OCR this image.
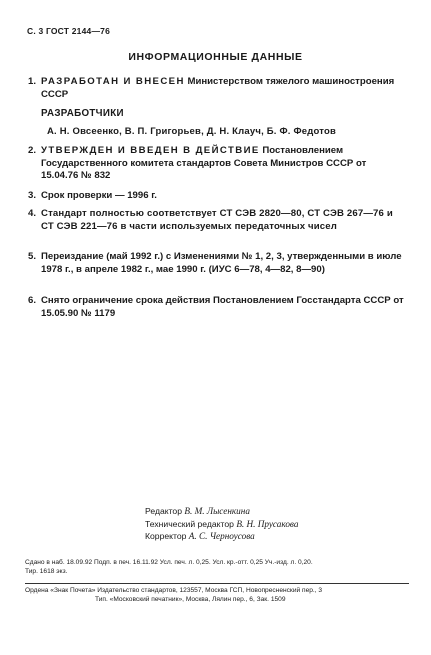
С. 3 ГОСТ 2144—76
ИНФОРМАЦИОННЫЕ ДАННЫЕ
1. РАЗРАБОТАН И ВНЕСЕН Министерством тяжелого машиностроения СССР
РАЗРАБОТЧИКИ
А. Н. Овсеенко, В. П. Григорьев, Д. Н. Клауч, Б. Ф. Федотов
2. УТВЕРЖДЕН И ВВЕДЕН В ДЕЙСТВИЕ Постановлением Государственного комитета стандартов Совета Министров СССР от 15.04.76 № 832
3. Срок проверки — 1996 г.
4. Стандарт полностью соответствует СТ СЭВ 2820—80, СТ СЭВ 267—76 и СТ СЭВ 221—76 в части используемых передаточных чисел
5. Переиздание (май 1992 г.) с Изменениями № 1, 2, 3, утвержденными в июле 1978 г., в апреле 1982 г., мае 1990 г. (ИУС 6—78, 4—82, 8—90)
6. Снято ограничение срока действия Постановлением Госстандарта СССР от 15.05.90 № 1179
Редактор В. М. Лысенкина
Технический редактор В. Н. Прусакова
Корректор А. С. Черноусова
Сдано в наб. 18.09.92 Подп. в печ. 16.11.92 Усл. печ. л. 0,25. Усл. кр.-отт. 0,25 Уч.-изд. л. 0,20.
Тир. 1618 экз.
Ордена «Знак Почета» Издательство стандартов, 123557, Москва ГСП, Новопресненский пер., 3
Тип. «Московский печатник», Москва, Лялин пер., 6, Зак. 1509
